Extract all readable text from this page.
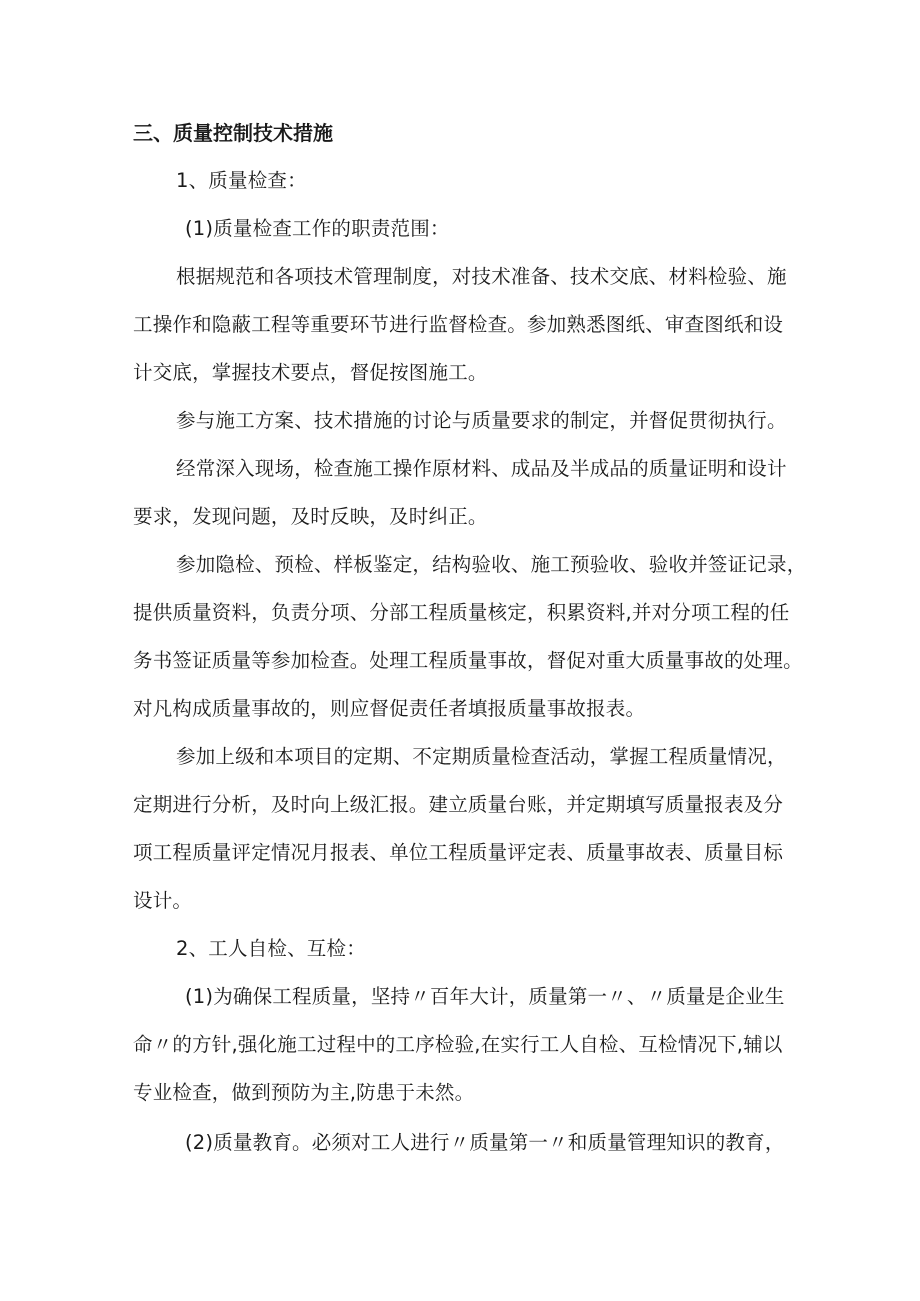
三、质量控制技术措施
1、质量检查：
(1)质量检查工作的职责范围：
根据规范和各项技术管理制度，对技术准备、技术交底、材料检验、施
工操作和隐蔽工程等重要环节进行监督检查。参加熟悉图纸、审查图纸和设
计交底，掌握技术要点，督促按图施工。
参与施工方案、技术措施的讨论与质量要求的制定，并督促贯彻执行。
经常深入现场，检查施工操作原材料、成品及半成品的质量证明和设计
要求，发现问题，及时反映，及时纠正。
参加隐检、预检、样板鉴定，结构验收、施工预验收、验收并签证记录，
提供质量资料，负责分项、分部工程质量核定，积累资料,并对分项工程的任
务书签证质量等参加检查。处理工程质量事故，督促对重大质量事故的处理。
对凡构成质量事故的，则应督促责任者填报质量事故报表。
参加上级和本项目的定期、不定期质量检查活动，掌握工程质量情况，
定期进行分析，及时向上级汇报。建立质量台账，并定期填写质量报表及分
项工程质量评定情况月报表、单位工程质量评定表、质量事故表、质量目标
设计。
2、工人自检、互检：
(1)为确保工程质量，坚持〃百年大计，质量第一〃、〃质量是企业生
命〃的方针,强化施工过程中的工序检验,在实行工人自检、互检情况下,辅以
专业检查，做到预防为主,防患于未然。
(2)质量教育。必须对工人进行〃质量第一〃和质量管理知识的教育，
